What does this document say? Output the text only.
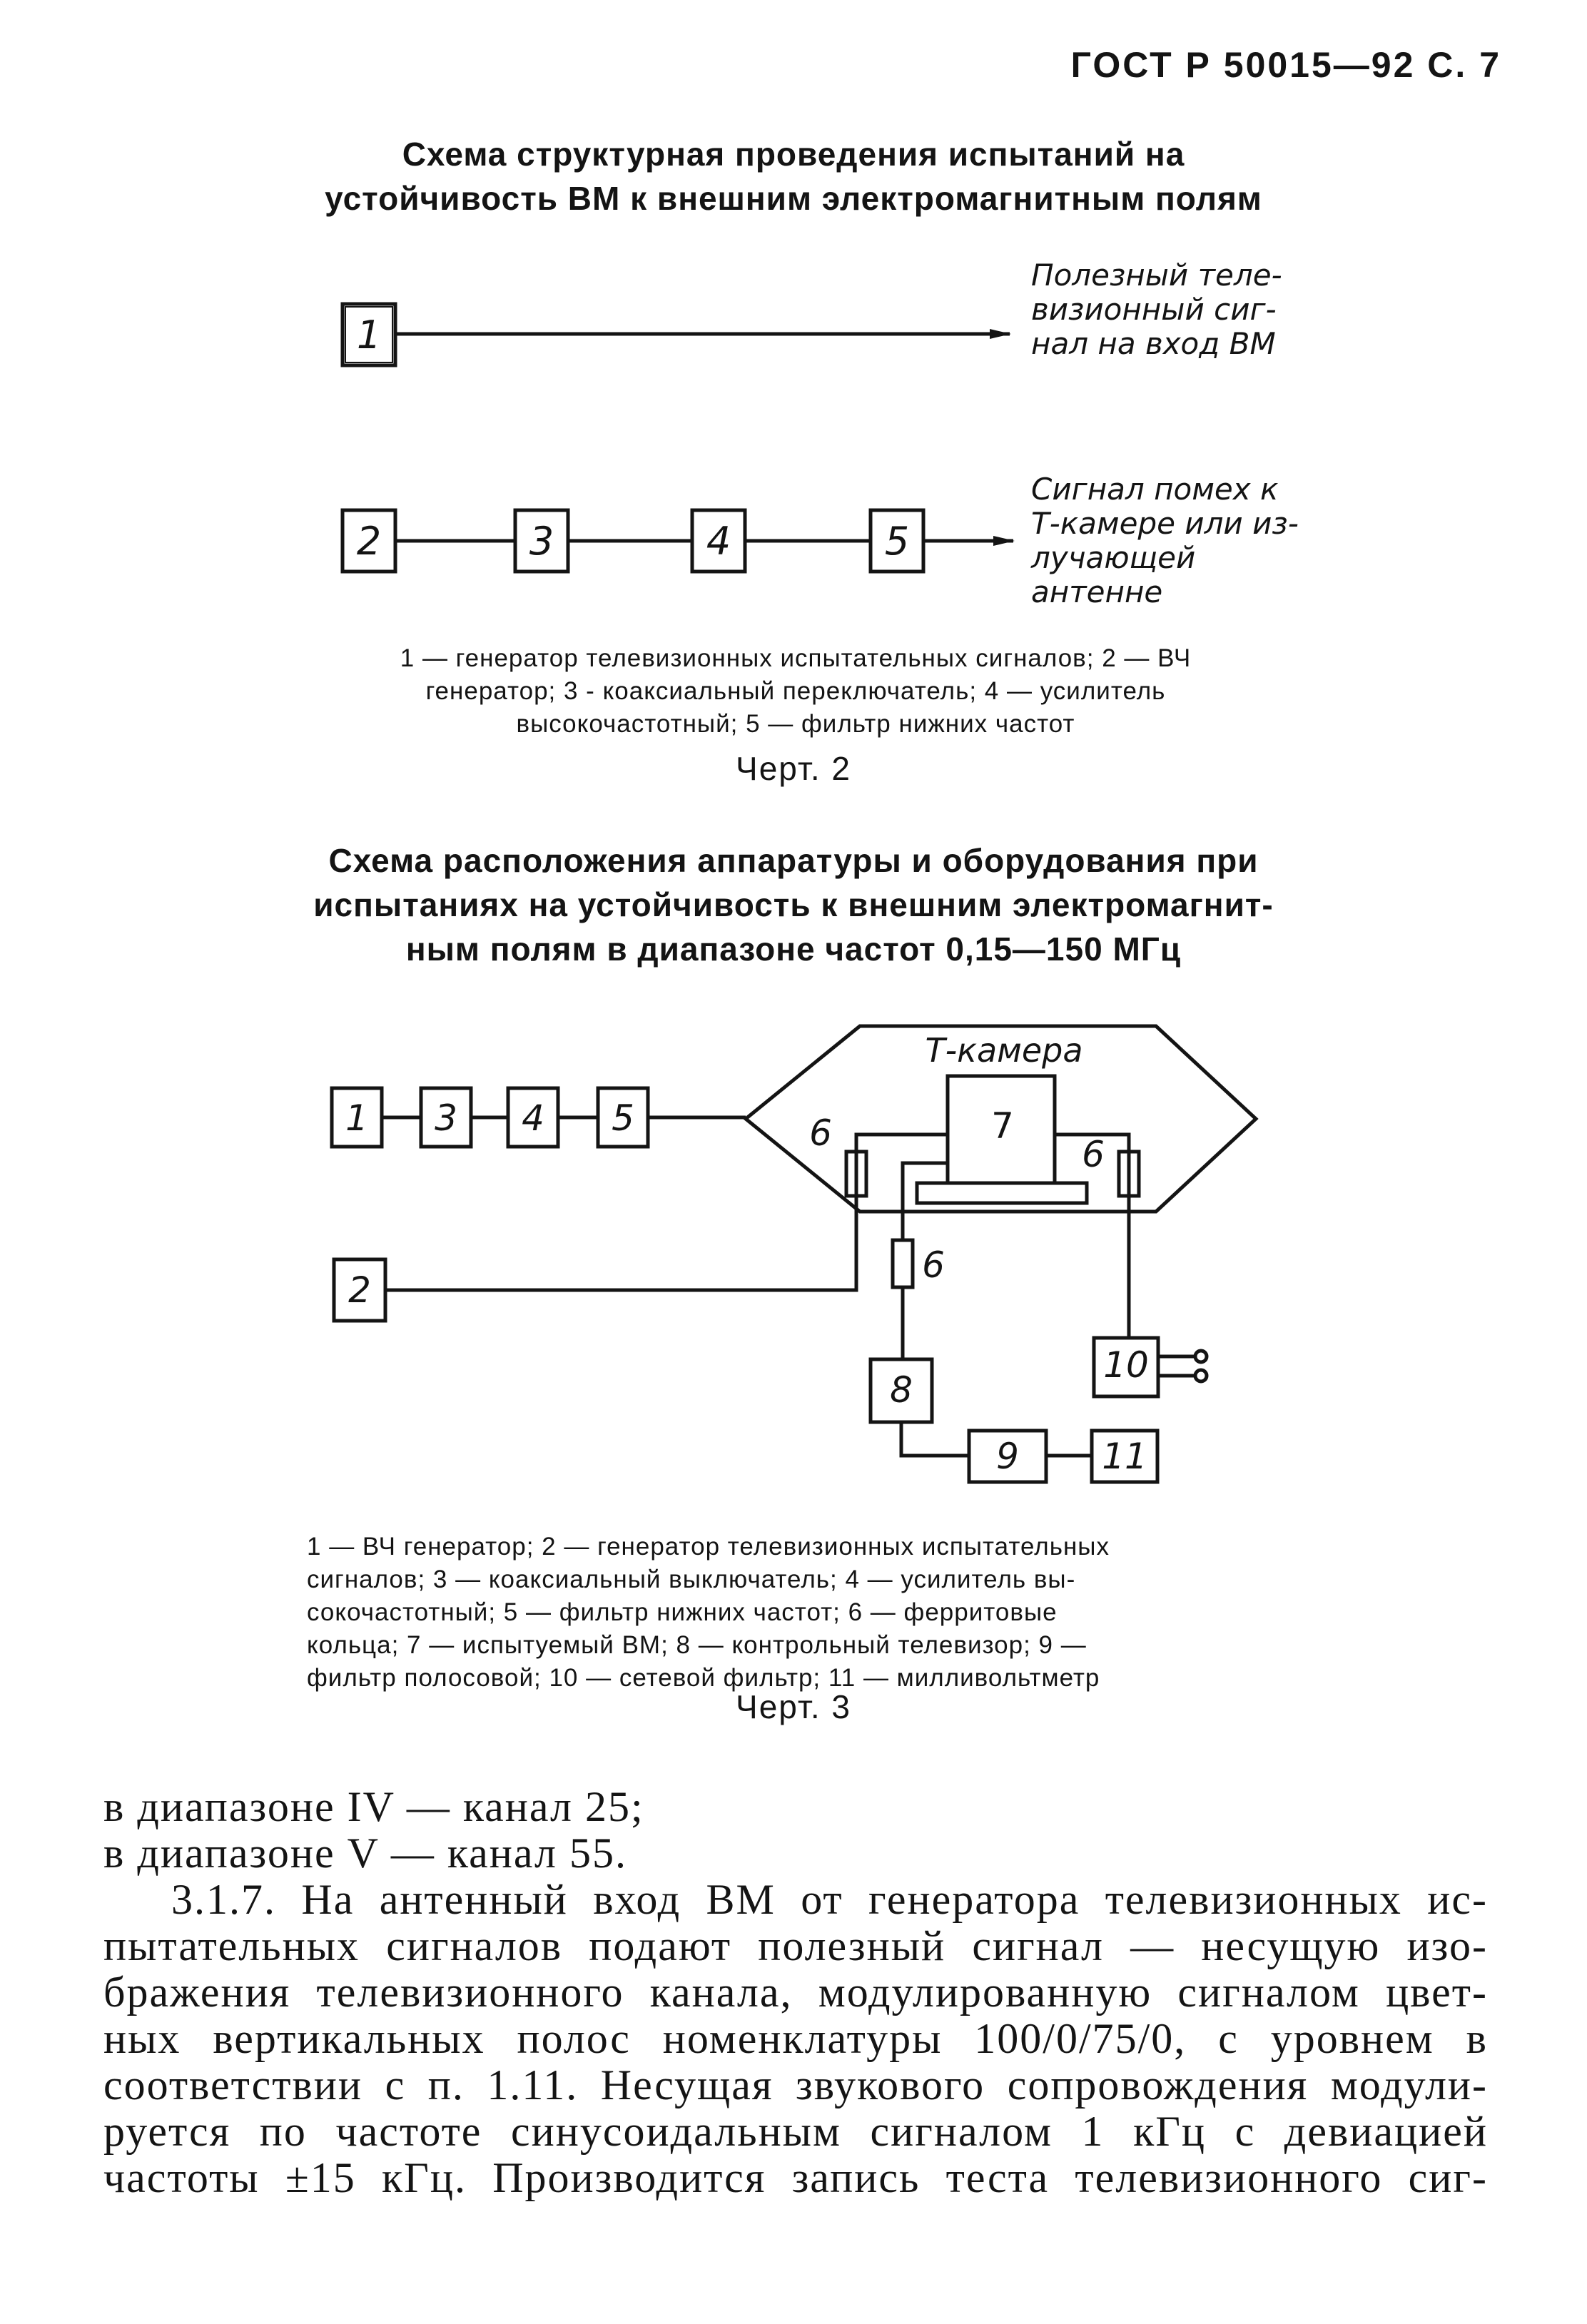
ГОСТ Р 50015—92 С. 7
Схема структурная проведения испытаний на
устойчивость ВМ к внешним электромагнитным полям
1
2	3	4	5
Полезный теле-
визионный сиг-
нал на вход ВМ
Сигнал помех к
Т-камере или из-
лучающей
антенне
1 — генератор телевизионных испытательных сигналов; 2 — ВЧ
генератор; 3 - коаксиальный переключатель; 4 — усилитель
высокочастотный; 5 — фильтр нижних частот
Черт. 2
Схема расположения аппаратуры и оборудования при
испытаниях на устойчивость к внешним электромагнит-
ным полям в диапазоне частот 0,15—150 МГц
1 3 4 5
2
7
8
9
10
11
Т-камера
6
6
6
1 — ВЧ генератор; 2 — генератор телевизионных испытательных
сигналов; 3 — коаксиальный выключатель; 4 — усилитель вы-
сокочастотный; 5 — фильтр нижних частот; 6 — ферритовые
кольца; 7 — испытуемый ВМ; 8 — контрольный телевизор; 9 —
фильтр полосовой; 10 — сетевой фильтр; 11 — милливольтметр
Черт. 3

в диапазоне IV — канал 25;

в диапазоне V — канал 55.

3.1.7. На антенный вход ВМ от генератора телевизионных ис-

пытательных сигналов подают полезный сигнал — несущую изо-

бражения телевизионного канала, модулированную сигналом цвет-

ных вертикальных полос номенклатуры 100/0/75/0, с уровнем в

соответствии с п. 1.11. Несущая звукового сопровождения модули-

руется по частоте синусоидальным сигналом 1 кГц с девиацией

частоты ±15 кГц. Производится запись теста телевизионного сиг-
